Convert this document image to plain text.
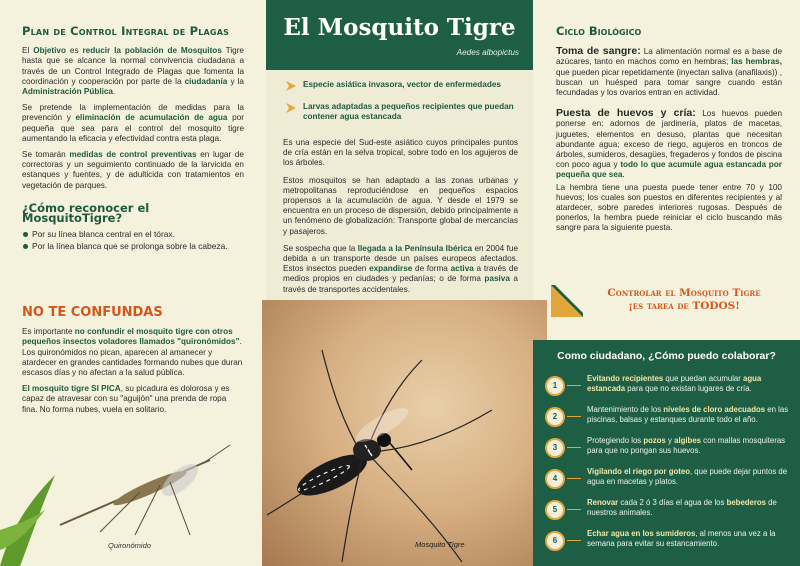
Plan de Control Integral de Plagas

El Objetivo es reducir la población de Mosquitos Tigre hasta que se alcance la normal convivencia ciudadana a través de un Control Integrado de Plagas que fomenta la coordinación y cooperación por parte de la ciudadanía y la Administración Pública.

Se pretende la implementación de medidas para la prevención y eliminación de acumulación de agua por pequeña que sea para el control del mosquito tigre aumentando la eficacia y efectividad contra esta plaga.

Se tomarán medidas de control preventivas en lugar de correctoras y un seguimiento continuado de la larvicida en estanques y fuentes, y de adulticida con tratamientos en vegetación de parques.

¿Cómo reconocer el MosquitoTigre?
Por su línea blanca central en el tórax.
Por la línea blanca que se prolonga sobre la cabeza.
NO TE CONFUNDAS

Es importante no confundir el mosquito tigre con otros pequeños insectos voladores llamados "quironómidos". Los quironómidos no pican, aparecen al amanecer y atardecer en grandes cantidades formando nubes que duran escasos días y no afectan a la salud pública.

El mosquito tigre SI PICA, su picadura es dolorosa y es capaz de atravesar con su "aguijón" una prenda de ropa fina. No forma nubes, vuela en solitario.

Quironómido
El Mosquito Tigre
Aedes albopictus
Especie asiática invasora, vector de enfermedades
Larvas adaptadas a pequeños recipientes que puedan contener agua estancada

Es una especie del Sud-este asiático cuyos principales puntos de cría están en la selva tropical, sobre todo en los agujeros de los árboles.

Estos mosquitos se han adaptado a las zonas urbanas y metropolitanas reproduciéndose en pequeños espacios propensos a la acumulación de agua. Y desde el 1979 se encuentra en un proceso de dispersión, debido principalmente a un fenómeno de globalización: Transporte global de mercancías y pasajeros.

Se sospecha que la llegada a la Península Ibérica en 2004 fue debida a un transporte desde un países europeos afectados. Estos insectos pueden expandirse de forma activa a través de medios propios en ciudades y pedanías; o de forma pasiva a través de transportes accidentales.

Mosquito Tigre
Ciclo Biológico

Toma de sangre: La alimentación normal es a base de azúcares, tanto en machos como en hembras; las hembras, que pueden picar repetidamente (inyectan saliva (anafilaxis)) , buscan un huésped para tomar sangre cuando están fecundadas y los ovarios entran en actividad.

Puesta de huevos y cría: Los huevos pueden ponerse en: adornos de jardinería, platos de macetas, juguetes, elementos en desuso, plantas que necesitan abundante agua; exceso de riego, agujeros en troncos de árboles, sumideros, desagües, fregaderos y fondos de piscina con poco agua y todo lo que acumule agua estancada por pequeña que sea.

La hembra tiene una puesta puede tener entre 70 y 100 huevos; los cuales son puestos en diferentes recipientes y al atardecer, sobre paredes interiores rugosas. Después de ponerlos, la hembra puede reiniciar el ciclo buscando más sangre para la siguiente puesta.

Controlar el Mosquito Tigre
¡es tarea de TODOS!
Como ciudadano, ¿Cómo puedo colaborar?
1
Evitando recipientes que puedan acumular agua estancada para que no existan lugares de cría.
2
Mantenimiento de los niveles de cloro adecuados en las piscinas, balsas y estanques durante todo el año.
3
Protegiendo los pozos y algibes con mallas mosquiteras para que no pongan sus huevos.
4
Vigilando el riego por goteo, que puede dejar puntos de agua en macetas y platos.
5
Renovar cada 2 ó 3 días el agua de los bebederos de nuestros animales.
6
Echar agua en los sumideros, al menos una vez a la semana para evitar su estancamiento.
